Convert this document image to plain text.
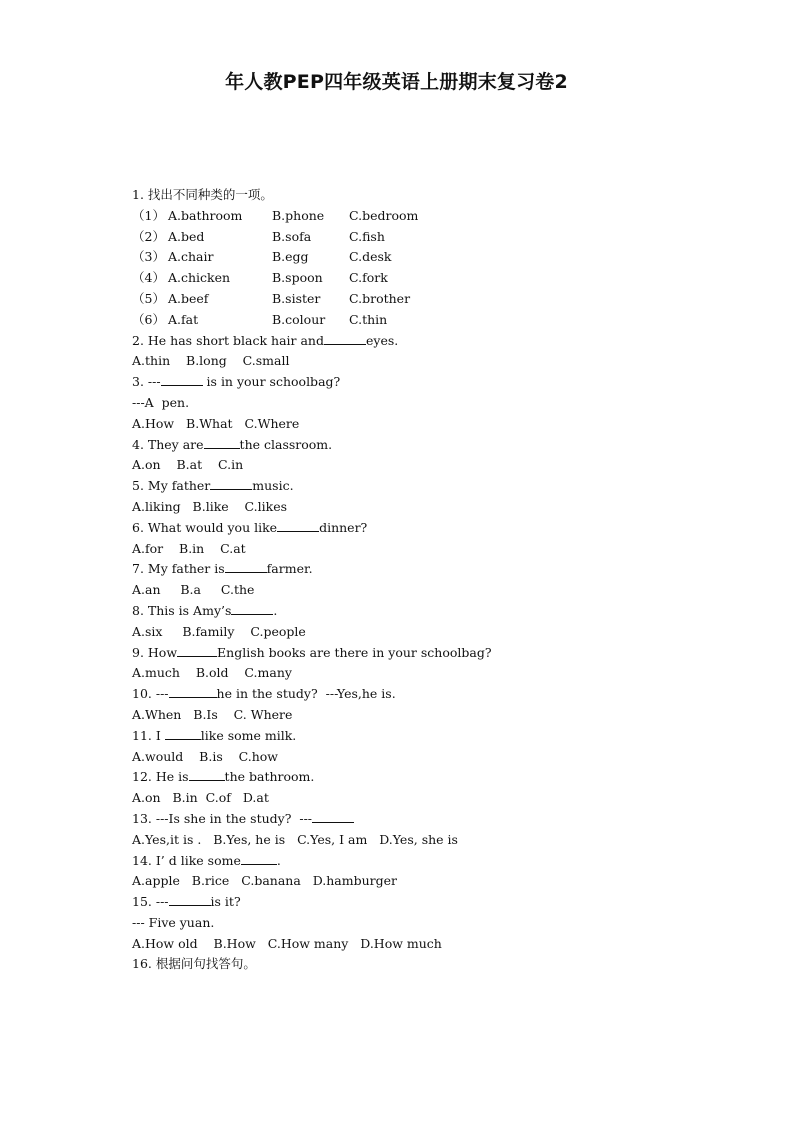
年人教PEP四年级英语上册期末复习卷2
1. 找出不同种类的一项。
（1） A.bathroom	B.phone	C.bedroom
（2） A.bed	B.sofa	C.fish
（3） A.chair	B.egg	C.desk
（4） A.chicken	B.spoon	C.fork
（5） A.beef	B.sister	C.brother
（6） A.fat	B.colour	C.thin
2. He has short black hair and	eyes.
A.thin    B.long    C.small
3. ---	is in your schoolbag?
---A  pen.
A.How   B.What   C.Where
4. They are	the classroom.
A.on    B.at    C.in
5. My father	music.
A.liking   B.like    C.likes
6. What would you like	dinner?
A.for    B.in    C.at
7. My father is	farmer.
A.an     B.a     C.the
8. This is Amy’s	.
A.six     B.family    C.people
9. How	English books are there in your schoolbag?
A.much    B.old    C.many
10. ---	he in the study?  ---Yes,he is.
A.When   B.Is    C. Where
11. I	like some milk.
A.would    B.is    C.how
12. He is	the bathroom.
A.on   B.in  C.of   D.at
13. ---Is she in the study?  ---
A.Yes,it is .   B.Yes, he is   C.Yes, I am   D.Yes, she is
14. I’ d like some	.
A.apple   B.rice   C.banana   D.hamburger
15. ---	is it?
--- Five yuan.
A.How old    B.How   C.How many   D.How much
16. 根据问句找答句。
